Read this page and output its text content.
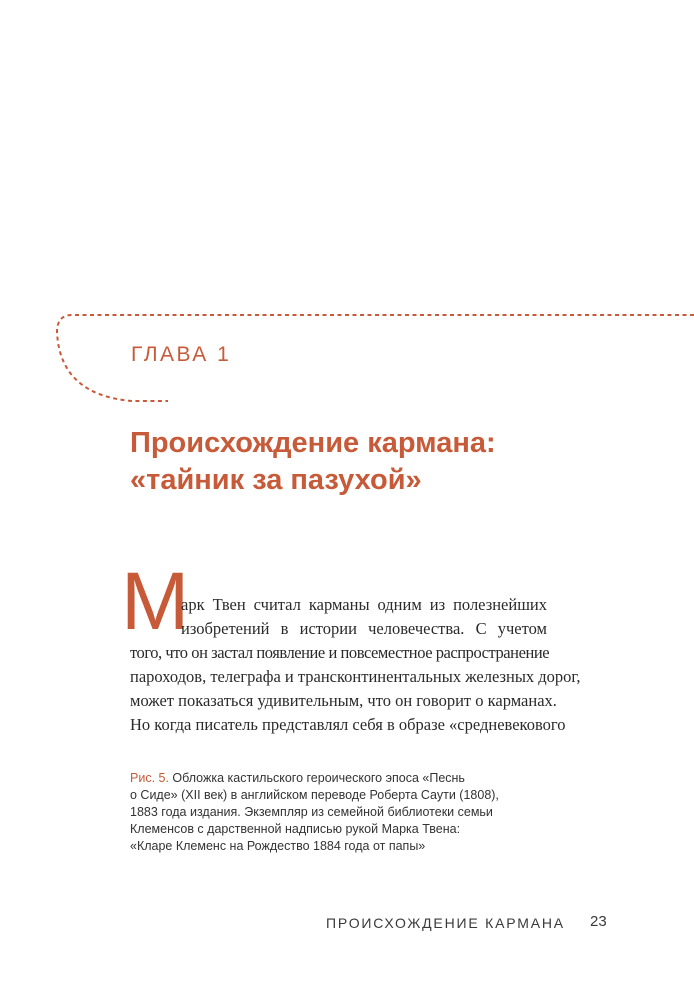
ГЛАВА 1
Происхождение кармана:
«тайник за пазухой»
М
арк Твен считал карманы одним из полезнейших
изобретений в истории человечества. С учетом
того, что он застал появление и повсеместное распространение
пароходов, телеграфа и трансконтинентальных железных дорог,
может показаться удивительным, что он говорит о карманах.
Но когда писатель представлял себя в образе «средневекового
Рис. 5. Обложка кастильского героического эпоса «Песнь
о Сиде» (XII век) в английском переводе Роберта Саути (1808),
1883 года издания. Экземпляр из семейной библиотеки семьи
Клеменсов с дарственной надписью рукой Марка Твена:
«Кларе Клеменс на Рождество 1884 года от папы»
ПРОИСХОЖДЕНИЕ КАРМАНА 23
